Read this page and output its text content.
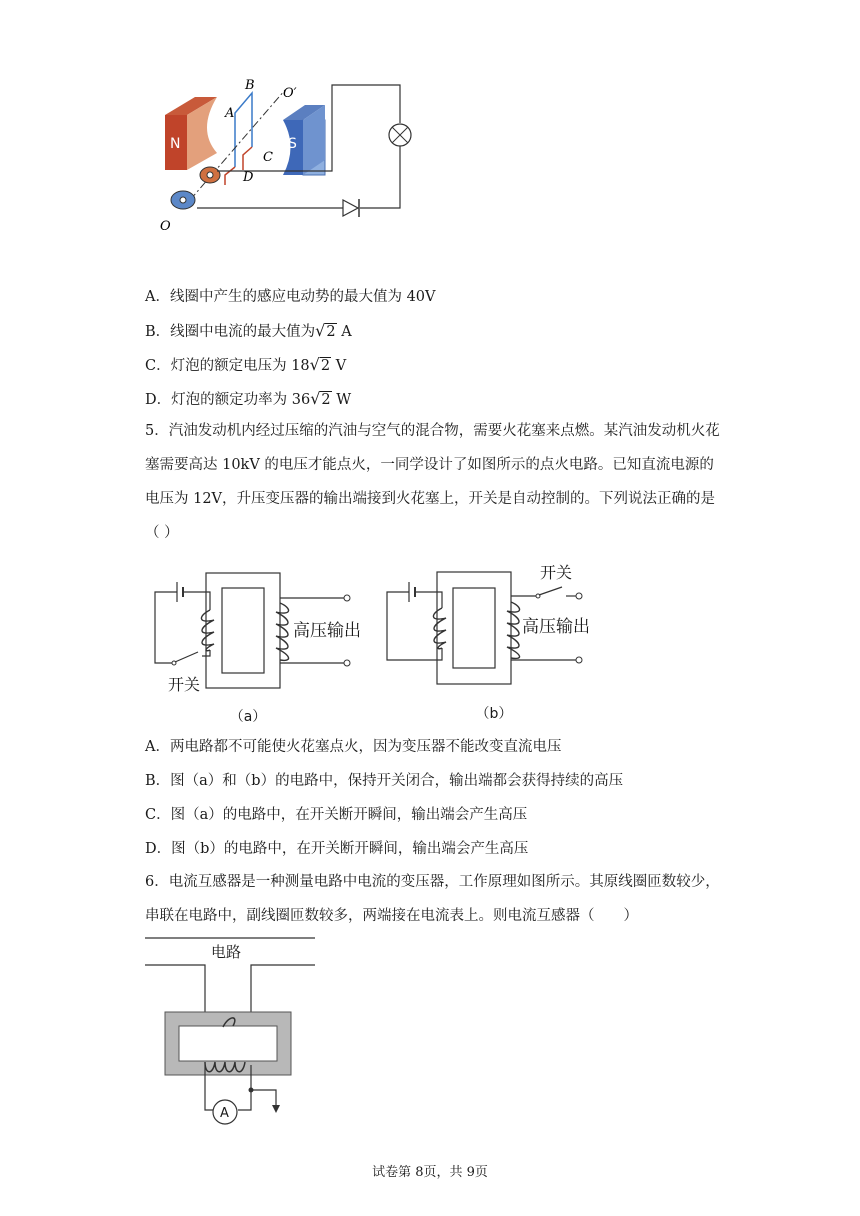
N	S
B
A
O′
C
D
O
A．线圈中产生的感应电动势的最大值为 40V
B．线圈中电流的最大值为√2 A
C．灯泡的额定电压为 18√2 V
D．灯泡的额定功率为 36√2 W

5．汽油发动机内经过压缩的汽油与空气的混合物，需要火花塞来点燃。某汽油发动机火花塞需要高达 10kV 的电压才能点火，一同学设计了如图所示的点火电路。已知直流电源的电压为 12V，升压变压器的输出端接到火花塞上，开关是自动控制的。下列说法正确的是（ ）

高压输出
开关
（a）
开关
高压输出
（b）
A．两电路都不可能使火花塞点火，因为变压器不能改变直流电压
B．图（a）和（b）的电路中，保持开关闭合，输出端都会获得持续的高压
C．图（a）的电路中，在开关断开瞬间，输出端会产生高压
D．图（b）的电路中，在开关断开瞬间，输出端会产生高压

6．电流互感器是一种测量电路中电流的变压器，工作原理如图所示。其原线圈匝数较少，串联在电路中，副线圈匝数较多，两端接在电流表上。则电流互感器（　　）

电路
A
试卷第 8页，共 9页
